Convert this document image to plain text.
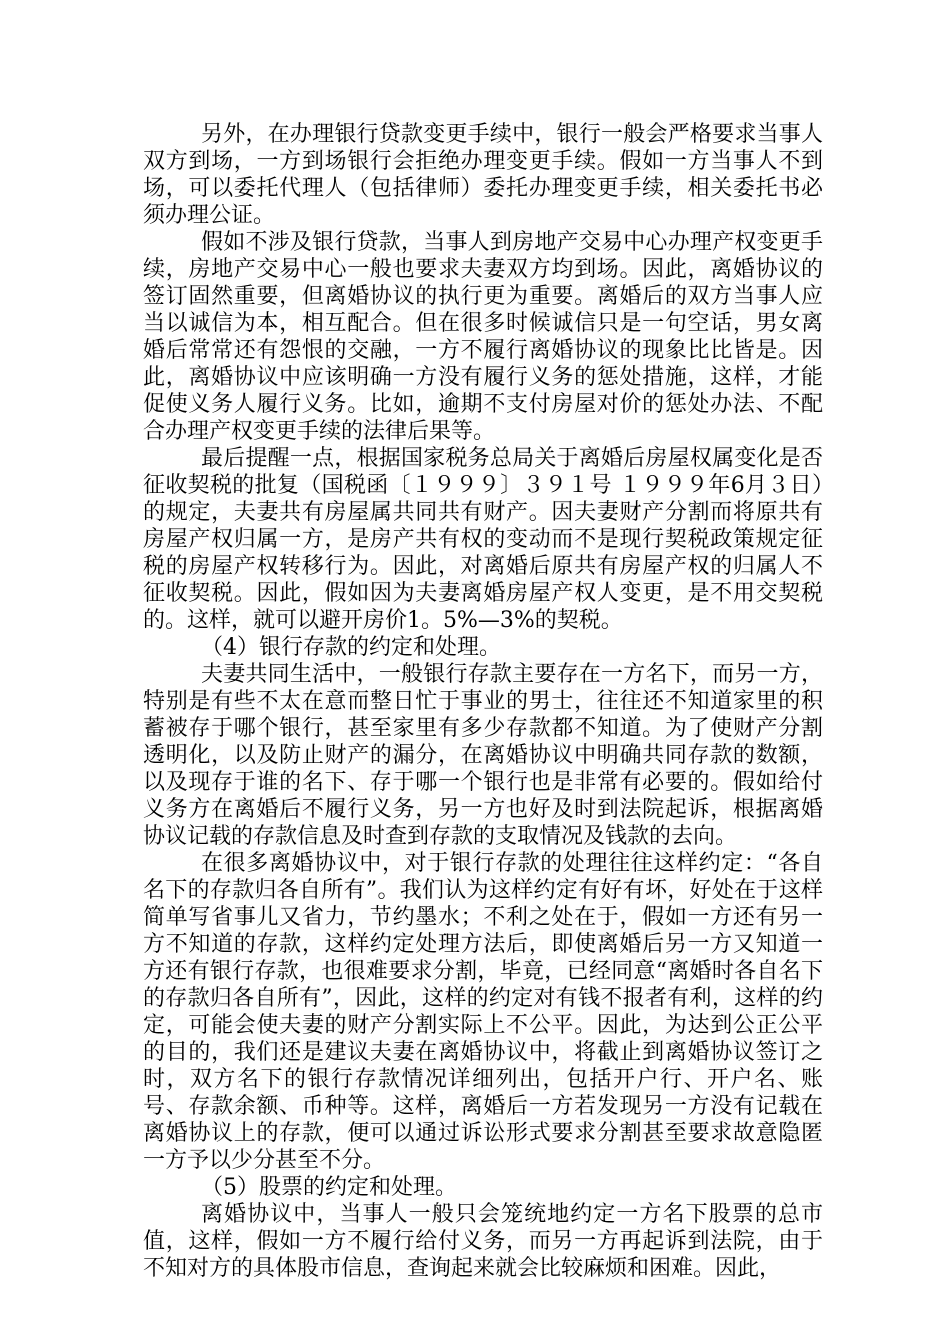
另外，在办理银行贷款变更手续中，银行一般会严格要求当事人双方到场，一方到场银行会拒绝办理变更手续。假如一方当事人不到场，可以委托代理人（包括律师）委托办理变更手续，相关委托书必须办理公证。

假如不涉及银行贷款，当事人到房地产交易中心办理产权变更手续，房地产交易中心一般也要求夫妻双方均到场。因此，离婚协议的签订固然重要，但离婚协议的执行更为重要。离婚后的双方当事人应当以诚信为本，相互配合。但在很多时候诚信只是一句空话，男女离婚后常常还有怨恨的交融，一方不履行离婚协议的现象比比皆是。因此，离婚协议中应该明确一方没有履行义务的惩处措施，这样，才能促使义务人履行义务。比如，逾期不支付房屋对价的惩处办法、不配合办理产权变更手续的法律后果等。

最后提醒一点，根据国家税务总局关于离婚后房屋权属变化是否征收契税的批复（国税函〔１９９９〕３９１号 １９９９年6月３日）的规定，夫妻共有房屋属共同共有财产。因夫妻财产分割而将原共有房屋产权归属一方，是房产共有权的变动而不是现行契税政策规定征税的房屋产权转移行为。因此，对离婚后原共有房屋产权的归属人不征收契税。因此，假如因为夫妻离婚房屋产权人变更，是不用交契税的。这样，就可以避开房价1。5%—3%的契税。

（4）银行存款的约定和处理。

夫妻共同生活中，一般银行存款主要存在一方名下，而另一方，特别是有些不太在意而整日忙于事业的男士，往往还不知道家里的积蓄被存于哪个银行，甚至家里有多少存款都不知道。为了使财产分割透明化，以及防止财产的漏分，在离婚协议中明确共同存款的数额，以及现存于谁的名下、存于哪一个银行也是非常有必要的。假如给付义务方在离婚后不履行义务，另一方也好及时到法院起诉，根据离婚协议记载的存款信息及时查到存款的支取情况及钱款的去向。

在很多离婚协议中，对于银行存款的处理往往这样约定：“各自名下的存款归各自所有”。我们认为这样约定有好有坏，好处在于这样简单写省事儿又省力，节约墨水；不利之处在于，假如一方还有另一方不知道的存款，这样约定处理方法后，即使离婚后另一方又知道一方还有银行存款，也很难要求分割，毕竟，已经同意“离婚时各自名下的存款归各自所有”，因此，这样的约定对有钱不报者有利，这样的约定，可能会使夫妻的财产分割实际上不公平。因此，为达到公正公平的目的，我们还是建议夫妻在离婚协议中，将截止到离婚协议签订之时，双方名下的银行存款情况详细列出，包括开户行、开户名、账号、存款余额、币种等。这样，离婚后一方若发现另一方没有记载在离婚协议上的存款，便可以通过诉讼形式要求分割甚至要求故意隐匿一方予以少分甚至不分。

（5）股票的约定和处理。

离婚协议中，当事人一般只会笼统地约定一方名下股票的总市值，这样，假如一方不履行给付义务，而另一方再起诉到法院，由于不知对方的具体股市信息，查询起来就会比较麻烦和困难。因此，
